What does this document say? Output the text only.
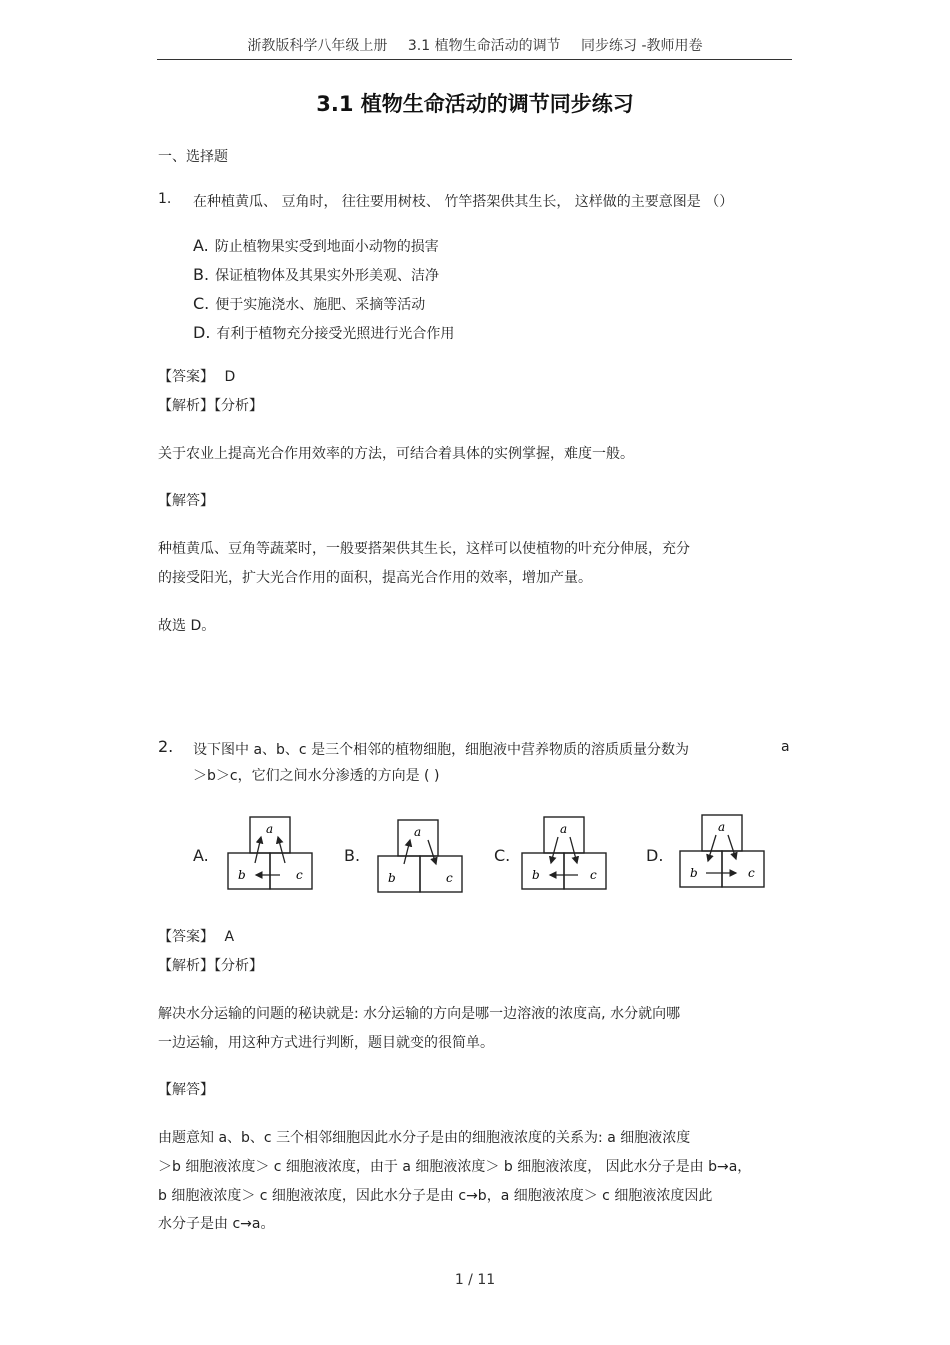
浙教版科学八年级上册 3.1 植物生命活动的调节 同步练习 -教师用卷
3.1 植物生命活动的调节同步练习
一、选择题
1. 在种植黄瓜、 豆角时， 往往要用树枝、 竹竿搭架供其生长， 这样做的主要意图是 （）
A. 防止植物果实受到地面小动物的损害
B. 保证植物体及其果实外形美观、洁净
C. 便于实施浇水、施肥、采摘等活动
D. 有利于植物充分接受光照进行光合作用
【答案】 D
【解析】【分析】
关于农业上提高光合作用效率的方法，可结合着具体的实例掌握，难度一般。
【解答】
种植黄瓜、豆角等蔬菜时，一般要搭架供其生长，这样可以使植物的叶充分伸展，充分
的接受阳光，扩大光合作用的面积，提高光合作用的效率，增加产量。
故选 D。
2. 设下图中 a、b、c 是三个相邻的植物细胞，细胞液中营养物质的溶质质量分数为	a
＞b＞c，它们之间水分渗透的方向是 ( )
A.
a
b	c
B.
a
b	c
C.
a
b	c
D.
a
b	c
【答案】 A
【解析】【分析】
解决水分运输的问题的秘诀就是: 水分运输的方向是哪一边溶液的浓度高, 水分就向哪
一边运输，用这种方式进行判断，题目就变的很简单。
【解答】
由题意知 a、b、c 三个相邻细胞因此水分子是由的细胞液浓度的关系为: a 细胞液浓度
＞b 细胞液浓度＞ c 细胞液浓度，由于 a 细胞液浓度＞ b 细胞液浓度， 因此水分子是由 b→a，
b 细胞液浓度＞ c 细胞液浓度，因此水分子是由 c→b，a 细胞液浓度＞ c 细胞液浓度因此
水分子是由 c→a。
1 / 11
